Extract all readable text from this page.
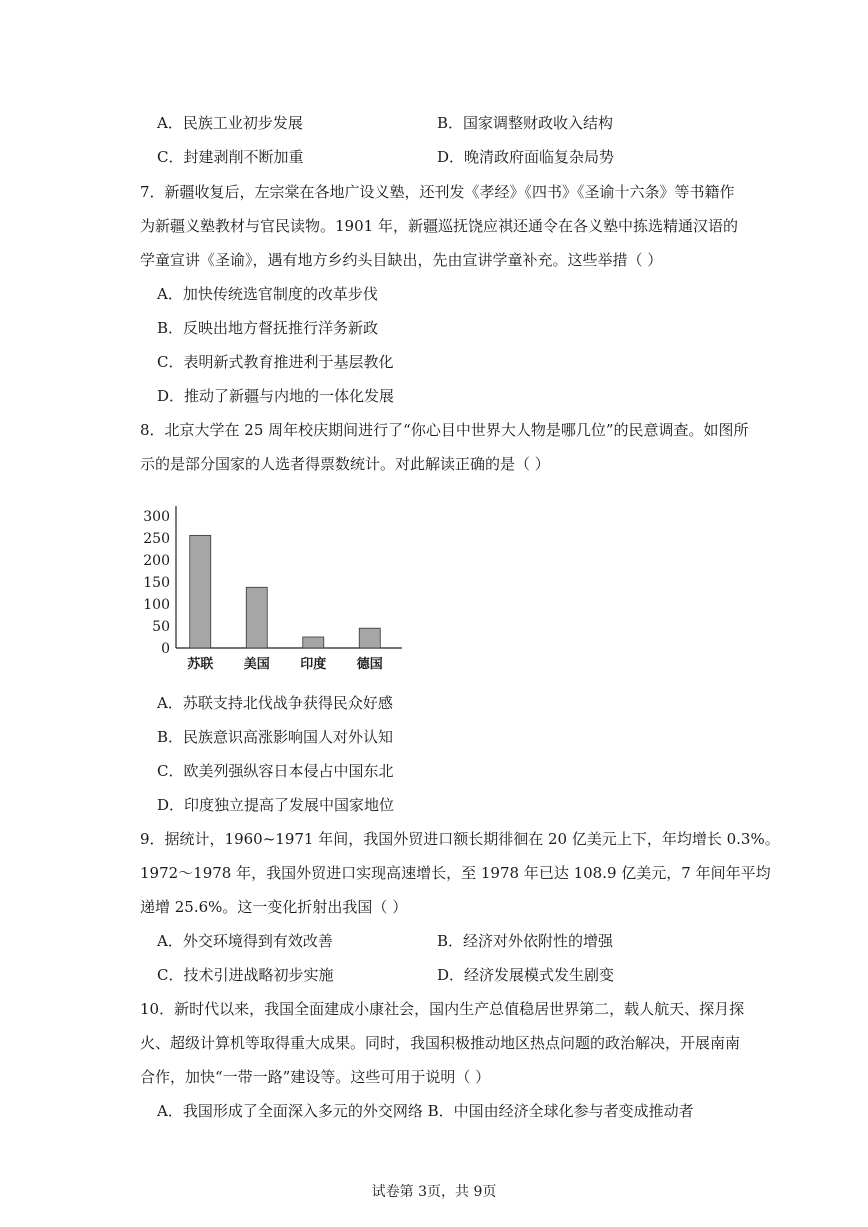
A．民族工业初步发展	B．国家调整财政收入结构
C．封建剥削不断加重	D．晚清政府面临复杂局势
7．新疆收复后，左宗棠在各地广设义塾，还刊发《孝经》《四书》《圣谕十六条》等书籍作
为新疆义塾教材与官民读物。1901 年，新疆巡抚饶应祺还通令在各义塾中拣选精通汉语的
学童宣讲《圣谕》，遇有地方乡约头目缺出，先由宣讲学童补充。这些举措（ ）
A．加快传统选官制度的改革步伐
B．反映出地方督抚推行洋务新政
C．表明新式教育推进利于基层教化
D．推动了新疆与内地的一体化发展
8．北京大学在 25 周年校庆期间进行了“你心目中世界大人物是哪几位”的民意调查。如图所
示的是部分国家的人选者得票数统计。对此解读正确的是（ ）
0
50
100
150
200
250
300
苏联 美国 印度 德国
A．苏联支持北伐战争获得民众好感
B．民族意识高涨影响国人对外认知
C．欧美列强纵容日本侵占中国东北
D．印度独立提高了发展中国家地位
9．据统计，1960~1971 年间，我国外贸进口额长期徘徊在 20 亿美元上下，年均增长 0.3%。
1972～1978 年，我国外贸进口实现高速增长，至 1978 年已达 108.9 亿美元，7 年间年平均
递增 25.6%。这一变化折射出我国（ ）
A．外交环境得到有效改善	B．经济对外依附性的增强
C．技术引进战略初步实施	D．经济发展模式发生剧变
10．新时代以来，我国全面建成小康社会，国内生产总值稳居世界第二，载人航天、探月探
火、超级计算机等取得重大成果。同时，我国积极推动地区热点问题的政治解决，开展南南
合作，加快“一带一路”建设等。这些可用于说明（ ）
A．我国形成了全面深入多元的外交网络 B．中国由经济全球化参与者变成推动者
试卷第 3页，共 9页
